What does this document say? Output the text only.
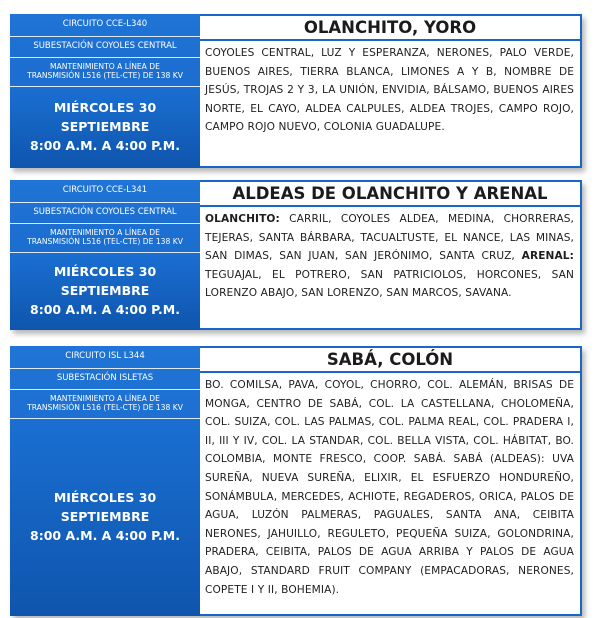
CIRCUITO CCE-L340
SUBESTACIÓN COYOLES CENTRAL
MANTENIMIENTO A LÍNEA DE
TRANSMISIÓN L516 (TEL-CTE) DE 138 KV
MIÉRCOLES 30 SEPTIEMBRE
8:00 A.M. A 4:00 P.M.
OLANCHITO, YORO
COYOLES CENTRAL, LUZ Y ESPERANZA, NERONES, PALO VERDE, BUENOS AIRES, TIERRA BLANCA, LIMONES A Y B, NOMBRE DE JESÚS, TROJAS 2 Y 3, LA UNIÓN, ENVIDIA, BÁLSAMO, BUENOS AIRES NORTE, EL CAYO, ALDEA CALPULES, ALDEA TROJES, CAMPO ROJO, CAMPO ROJO NUEVO, COLONIA GUADALUPE.
CIRCUITO CCE-L341
SUBESTACIÓN COYOLES CENTRAL
MANTENIMIENTO A LÍNEA DE
TRANSMISIÓN L516 (TEL-CTE) DE 138 KV
MIÉRCOLES 30 SEPTIEMBRE
8:00 A.M. A 4:00 P.M.
ALDEAS DE OLANCHITO Y ARENAL
OLANCHITO: CARRIL, COYOLES ALDEA, MEDINA, CHORRERAS, TEJERAS, SANTA BÁRBARA, TACUALTUSTE, EL NANCE, LAS MINAS, SAN DIMAS, SAN JUAN, SAN JERÓNIMO, SANTA CRUZ, ARENAL: TEGUAJAL, EL POTRERO, SAN PATRICIOLOS, HORCONES, SAN LORENZO ABAJO, SAN LORENZO, SAN MARCOS, SAVANA.
CIRCUITO ISL L344
SUBESTACIÓN ISLETAS
MANTENIMIENTO A LÍNEA DE
TRANSMISIÓN L516 (TEL-CTE) DE 138 KV
MIÉRCOLES 30 SEPTIEMBRE
8:00 A.M. A 4:00 P.M.
SABÁ, COLÓN
BO. COMILSA, PAVA, COYOL, CHORRO, COL. ALEMÁN, BRISAS DE MONGA, CENTRO DE SABÁ, COL. LA CASTELLANA, CHOLOMEÑA, COL. SUIZA, COL. LAS PALMAS, COL. PALMA REAL, COL. PRADERA I, II, III Y IV, COL. LA STANDAR, COL. BELLA VISTA, COL. HÁBITAT, BO. COLOMBIA, MONTE FRESCO, COOP. SABÁ. SABÁ (ALDEAS): UVA SUREÑA, NUEVA SUREÑA, ELIXIR, EL ESFUERZO HONDUREÑO, SONÁMBULA, MERCEDES, ACHIOTE, REGADEROS, ORICA, PALOS DE AGUA, LUZÓN PALMERAS, PAGUALES, SANTA ANA, CEIBITA NERONES, JAHUILLO, REGULETO, PEQUEÑA SUIZA, GOLONDRINA, PRADERA, CEIBITA, PALOS DE AGUA ARRIBA Y PALOS DE AGUA ABAJO, STANDARD FRUIT COMPANY (EMPACADORAS, NERONES, COPETE I Y II, BOHEMIA).
